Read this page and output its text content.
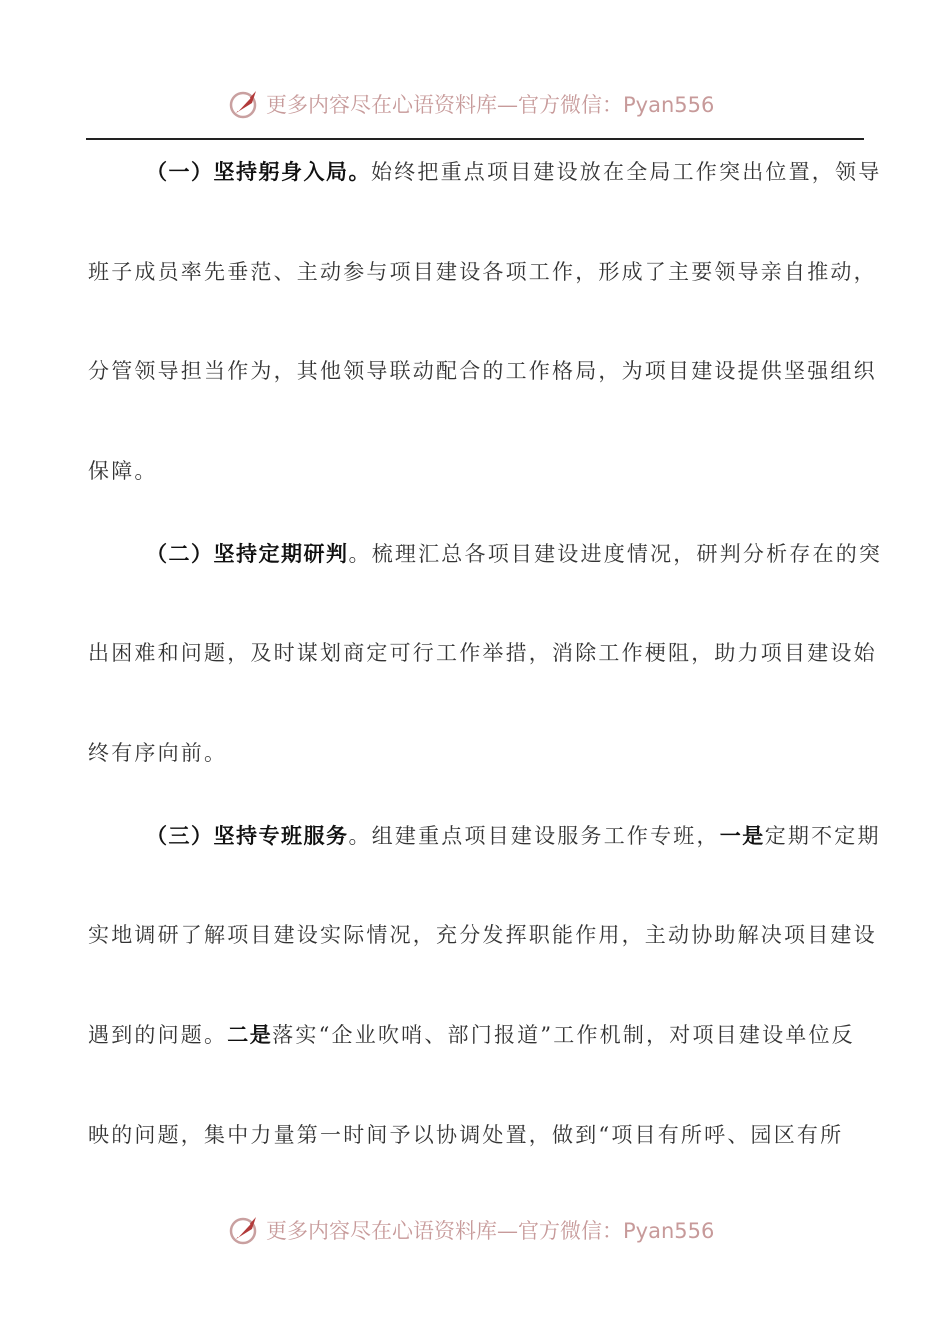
更多内容尽在心语资料库—官方微信：Pyan556
（一）坚持躬身入局。始终把重点项目建设放在全局工作突出位置，领导
班子成员率先垂范、主动参与项目建设各项工作，形成了主要领导亲自推动，
分管领导担当作为，其他领导联动配合的工作格局，为项目建设提供坚强组织
保障。
（二）坚持定期研判。梳理汇总各项目建设进度情况，研判分析存在的突
出困难和问题，及时谋划商定可行工作举措，消除工作梗阻，助力项目建设始
终有序向前。
（三）坚持专班服务。组建重点项目建设服务工作专班，一是定期不定期
实地调研了解项目建设实际情况，充分发挥职能作用，主动协助解决项目建设
遇到的问题。二是落实“企业吹哨、部门报道”工作机制，对项目建设单位反
映的问题，集中力量第一时间予以协调处置，做到“项目有所呼、园区有所
更多内容尽在心语资料库—官方微信：Pyan556
